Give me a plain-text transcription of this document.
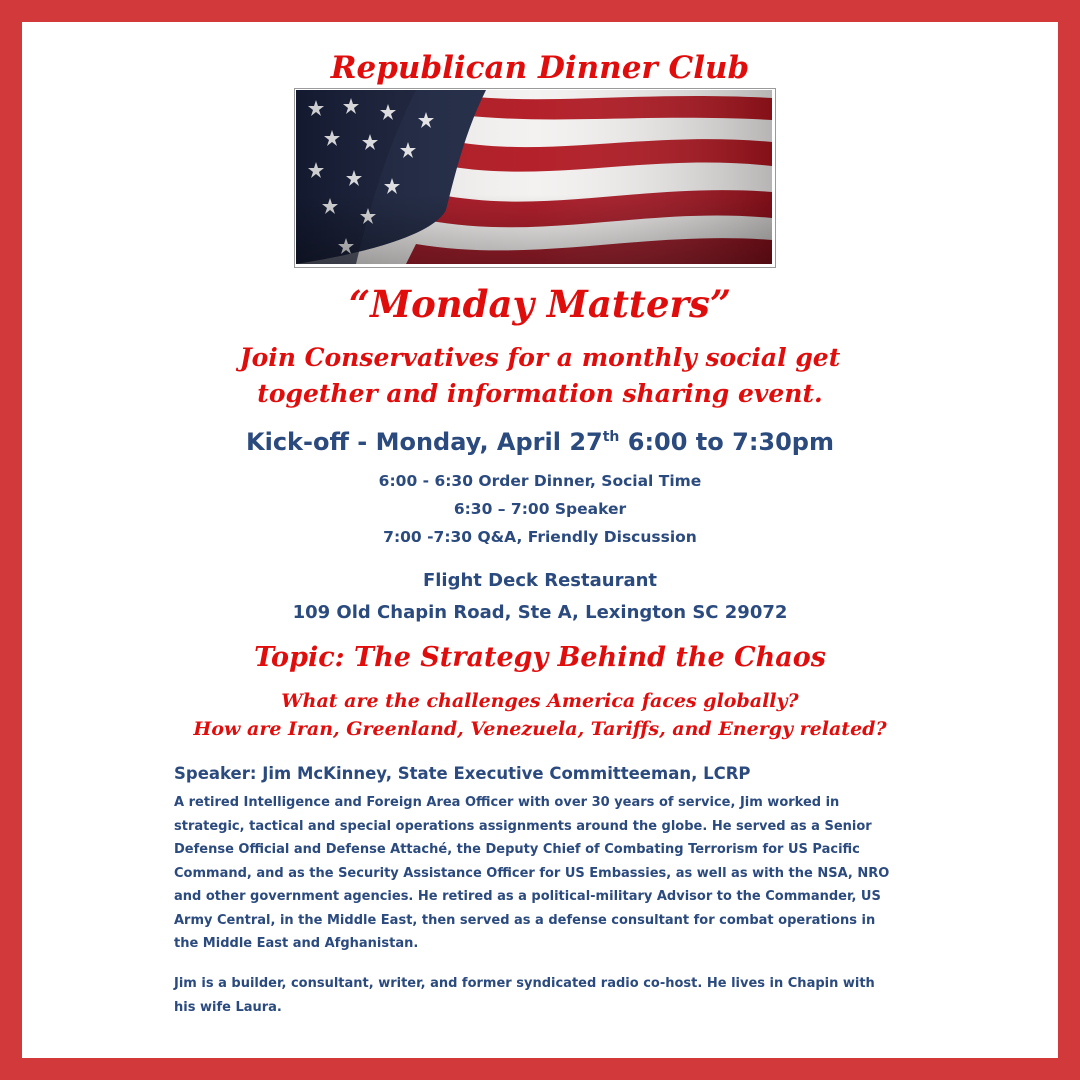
Republican Dinner Club

“Monday Matters”

Join Conservatives for a monthly social get
together and information sharing event.

Kick-off - Monday, April 27th 6:00 to 7:30pm

6:00 - 6:30 Order Dinner, Social Time

6:30 – 7:00 Speaker

7:00 -7:30 Q&A, Friendly Discussion

Flight Deck Restaurant

109 Old Chapin Road, Ste A, Lexington SC 29072

Topic: The Strategy Behind the Chaos

What are the challenges America faces globally?

How are Iran, Greenland, Venezuela, Tariffs, and Energy related?

Speaker: Jim McKinney, State Executive Committeeman, LCRP

A retired Intelligence and Foreign Area Officer with over 30 years of service, Jim worked in strategic, tactical and special operations assignments around the globe. He served as a Senior Defense Official and Defense Attaché, the Deputy Chief of Combating Terrorism for US Pacific Command, and as the Security Assistance Officer for US Embassies, as well as with the NSA, NRO and other government agencies. He retired as a political-military Advisor to the Commander, US Army Central, in the Middle East, then served as a defense consultant for combat operations in the Middle East and Afghanistan.

Jim is a builder, consultant, writer, and former syndicated radio co-host. He lives in Chapin with his wife Laura.
